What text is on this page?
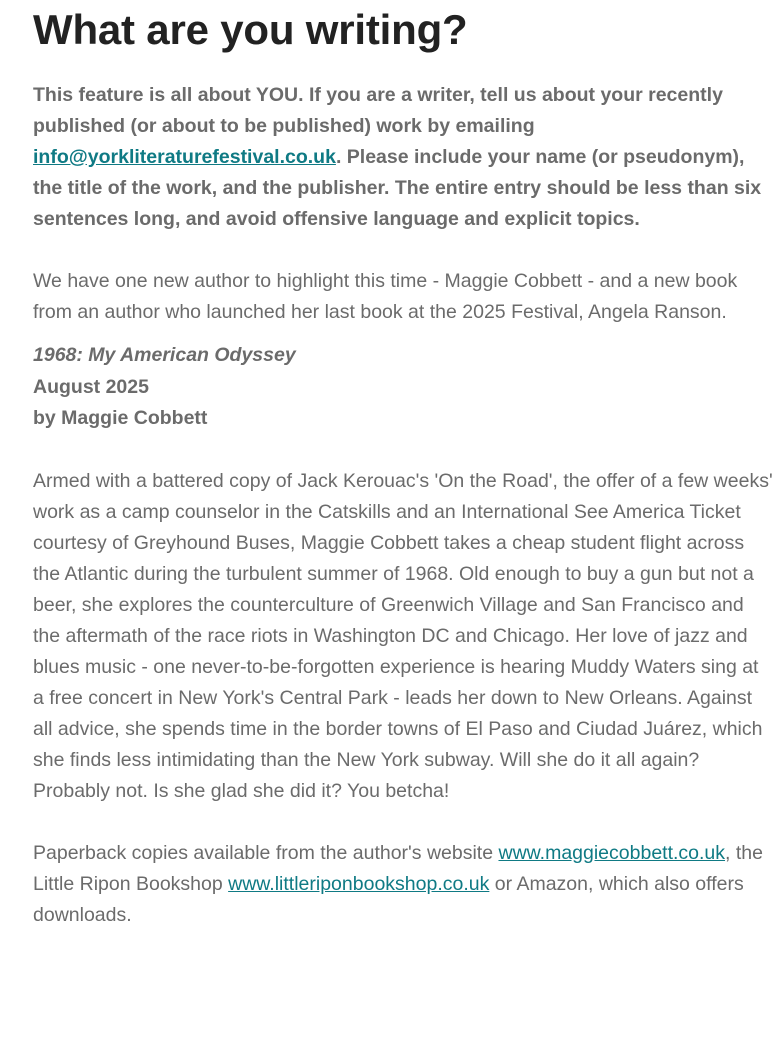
What are you writing?

This feature is all about YOU. If you are a writer, tell us about your recently published (or about to be published) work by emailing info@yorkliteraturefestival.co.uk. Please include your name (or pseudonym), the title of the work, and the publisher. The entire entry should be less than six sentences long, and avoid offensive language and explicit topics.

We have one new author to highlight this time - Maggie Cobbett - and a new book from an author who launched her last book at the 2025 Festival, Angela Ranson.

1968: My American Odyssey
August 2025
by Maggie Cobbett

Armed with a battered copy of Jack Kerouac's 'On the Road', the offer of a few weeks' work as a camp counselor in the Catskills and an International See America Ticket courtesy of Greyhound Buses, Maggie Cobbett takes a cheap student flight across the Atlantic during the turbulent summer of 1968. Old enough to buy a gun but not a beer, she explores the counterculture of Greenwich Village and San Francisco and the aftermath of the race riots in Washington DC and Chicago. Her love of jazz and blues music - one never-to-be-forgotten experience is hearing Muddy Waters sing at a free concert in New York's Central Park - leads her down to New Orleans. Against all advice, she spends time in the border towns of El Paso and Ciudad Juárez, which she finds less intimidating than the New York subway. Will she do it all again? Probably not. Is she glad she did it? You betcha!

Paperback copies available from the author's website www.maggiecobbett.co.uk, the Little Ripon Bookshop www.littleriponbookshop.co.uk or Amazon, which also offers downloads.
